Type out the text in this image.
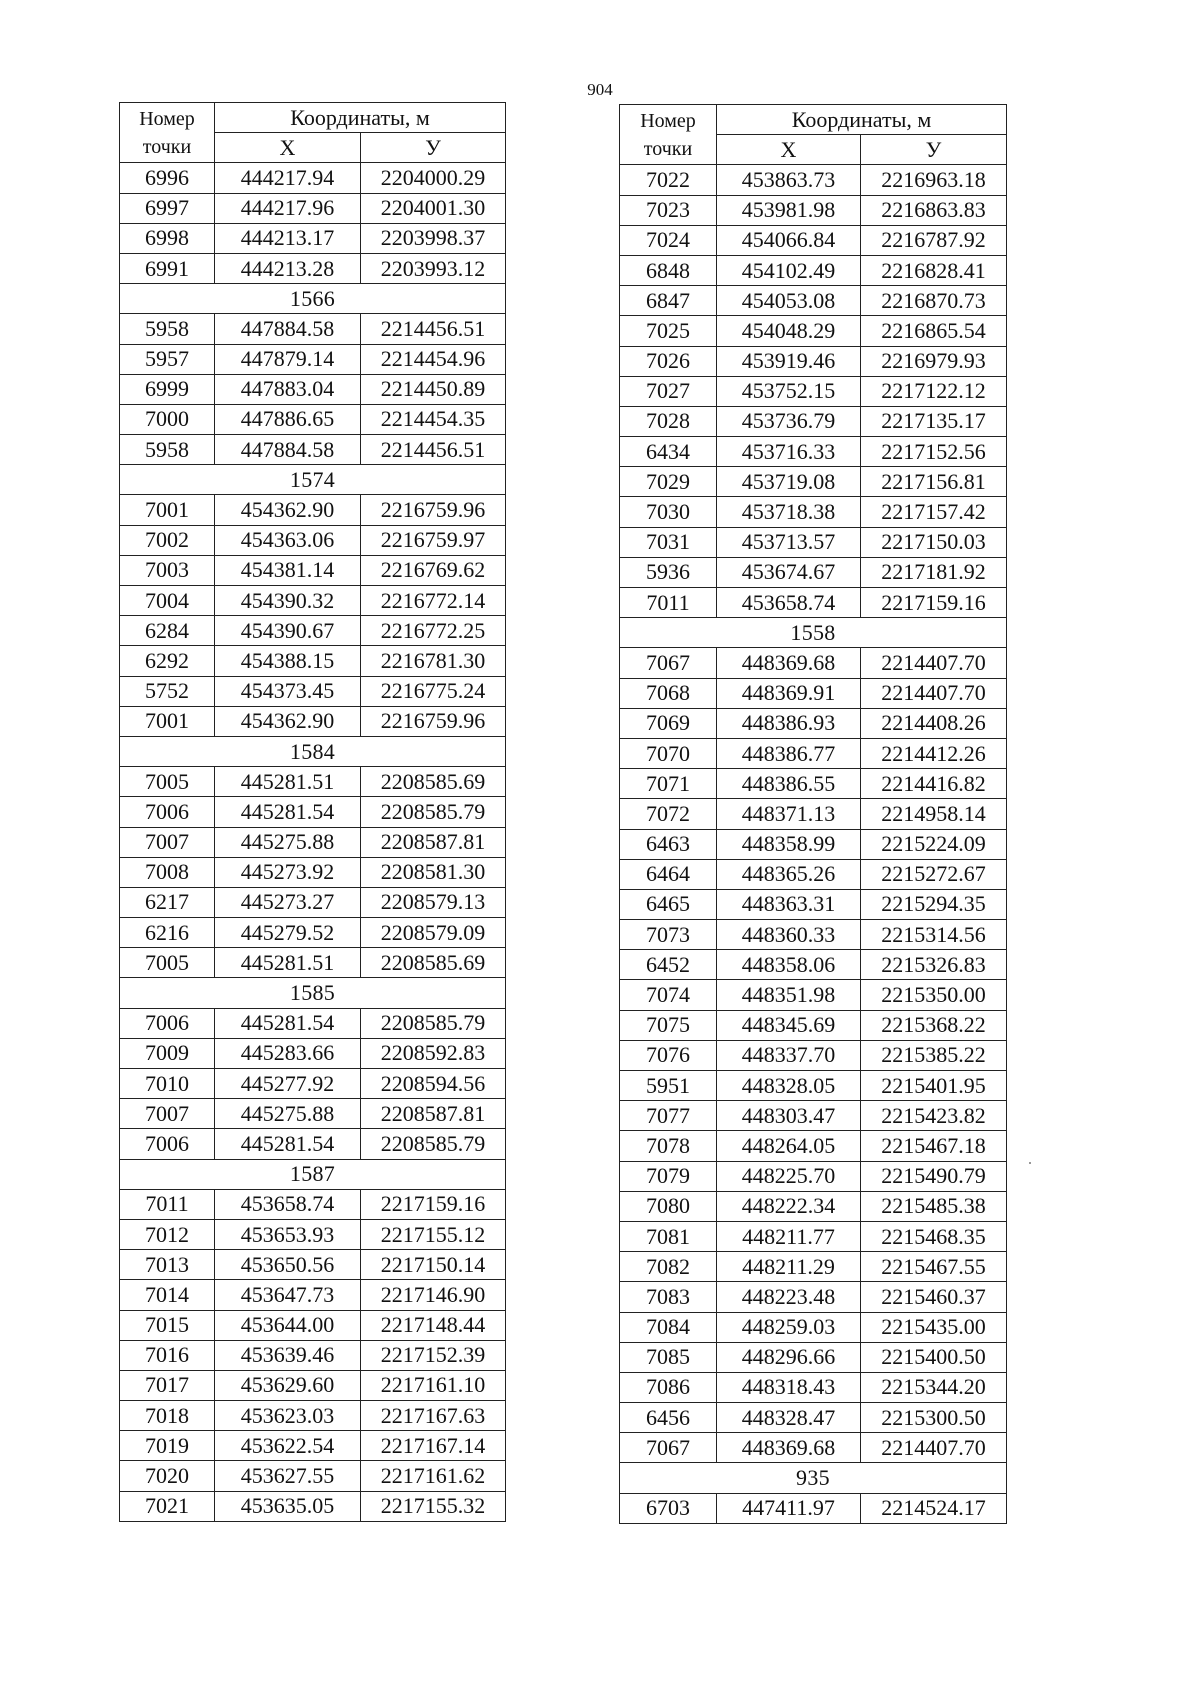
904
Номер
точки	Координаты, м	
	X	У
6996	444217.94	2204000.29
6997	444217.96	2204001.30
6998	444213.17	2203998.37
6991	444213.28	2203993.12
1566		
5958	447884.58	2214456.51
5957	447879.14	2214454.96
6999	447883.04	2214450.89
7000	447886.65	2214454.35
5958	447884.58	2214456.51
1574		
7001	454362.90	2216759.96
7002	454363.06	2216759.97
7003	454381.14	2216769.62
7004	454390.32	2216772.14
6284	454390.67	2216772.25
6292	454388.15	2216781.30
5752	454373.45	2216775.24
7001	454362.90	2216759.96
1584		
7005	445281.51	2208585.69
7006	445281.54	2208585.79
7007	445275.88	2208587.81
7008	445273.92	2208581.30
6217	445273.27	2208579.13
6216	445279.52	2208579.09
7005	445281.51	2208585.69
1585		
7006	445281.54	2208585.79
7009	445283.66	2208592.83
7010	445277.92	2208594.56
7007	445275.88	2208587.81
7006	445281.54	2208585.79
1587		
7011	453658.74	2217159.16
7012	453653.93	2217155.12
7013	453650.56	2217150.14
7014	453647.73	2217146.90
7015	453644.00	2217148.44
7016	453639.46	2217152.39
7017	453629.60	2217161.10
7018	453623.03	2217167.63
7019	453622.54	2217167.14
7020	453627.55	2217161.62
7021	453635.05	2217155.32
Номер
точки	Координаты, м	
	X	У
7022	453863.73	2216963.18
7023	453981.98	2216863.83
7024	454066.84	2216787.92
6848	454102.49	2216828.41
6847	454053.08	2216870.73
7025	454048.29	2216865.54
7026	453919.46	2216979.93
7027	453752.15	2217122.12
7028	453736.79	2217135.17
6434	453716.33	2217152.56
7029	453719.08	2217156.81
7030	453718.38	2217157.42
7031	453713.57	2217150.03
5936	453674.67	2217181.92
7011	453658.74	2217159.16
1558		
7067	448369.68	2214407.70
7068	448369.91	2214407.70
7069	448386.93	2214408.26
7070	448386.77	2214412.26
7071	448386.55	2214416.82
7072	448371.13	2214958.14
6463	448358.99	2215224.09
6464	448365.26	2215272.67
6465	448363.31	2215294.35
7073	448360.33	2215314.56
6452	448358.06	2215326.83
7074	448351.98	2215350.00
7075	448345.69	2215368.22
7076	448337.70	2215385.22
5951	448328.05	2215401.95
7077	448303.47	2215423.82
7078	448264.05	2215467.18
7079	448225.70	2215490.79
7080	448222.34	2215485.38
7081	448211.77	2215468.35
7082	448211.29	2215467.55
7083	448223.48	2215460.37
7084	448259.03	2215435.00
7085	448296.66	2215400.50
7086	448318.43	2215344.20
6456	448328.47	2215300.50
7067	448369.68	2214407.70
935		
6703	447411.97	2214524.17
